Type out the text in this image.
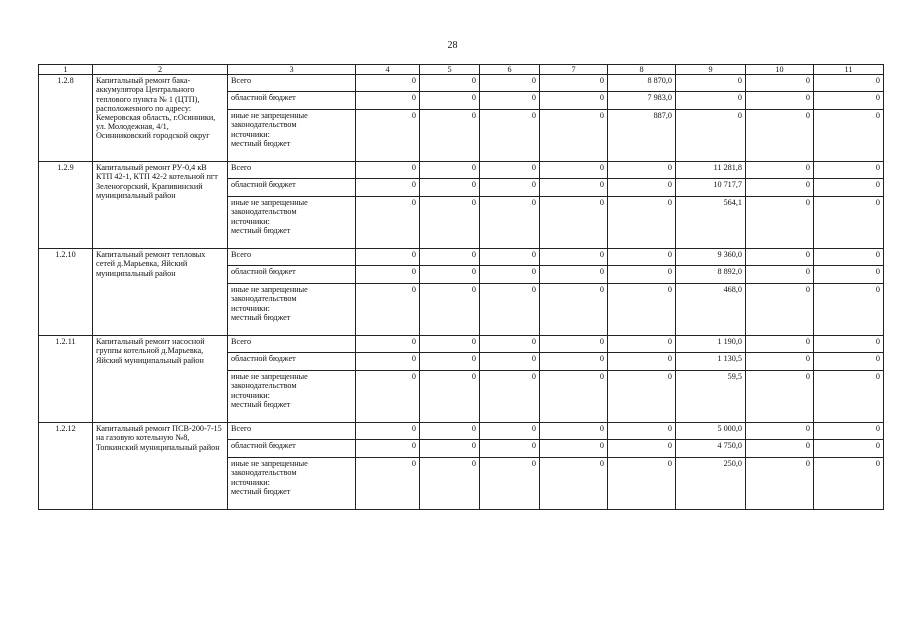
28
1	2	3	4	5	6	7	8	9	10	11
1.2.8	Капитальный ремонт бака-аккумулятора Центрального теплового пункта № 1 (ЦТП), расположенного по адресу: Кемеровская область, г.Осинники, ул. Молодежная, 4/1, Осинниковский городской округ	Всего	0	0	0	0	8 870,0	0	0	0
		областной бюджет	0	0	0	0	7 983,0	0	0	0

		иные не запрещенные
законодательством
источники:
местный бюджет	0	0	0	0	887,0	0	0	0
1.2.9	Капитальный ремонт РУ-0,4 кВ КТП 42-1, КТП 42-2 котельной пгт Зеленогорский, Крапивинский муниципальный район	Всего	0	0	0	0	0	11 281,8	0	0
		областной бюджет	0	0	0	0	0	10 717,7	0	0

		иные не запрещенные
законодательством
источники:
местный бюджет	0	0	0	0	0	564,1	0	0
1.2.10	Капитальный ремонт тепловых сетей д.Марьевка, Яйский муниципальный район	Всего	0	0	0	0	0	9 360,0	0	0
		областной бюджет	0	0	0	0	0	8 892,0	0	0

		иные не запрещенные
законодательством
источники:
местный бюджет	0	0	0	0	0	468,0	0	0
1.2.11	Капитальный ремонт насосной группы котельной д.Марьевка, Яйский муниципальный район	Всего	0	0	0	0	0	1 190,0	0	0
		областной бюджет	0	0	0	0	0	1 130,5	0	0

		иные не запрещенные
законодательством
источники:
местный бюджет	0	0	0	0	0	59,5	0	0
1.2.12	Капитальный ремонт ПСВ-200-7-15 на газовую котельную №8, Топкинский муниципальный район	Всего	0	0	0	0	0	5 000,0	0	0
		областной бюджет	0	0	0	0	0	4 750,0	0	0

		иные не запрещенные
законодательством
источники:
местный бюджет	0	0	0	0	0	250,0	0	0
